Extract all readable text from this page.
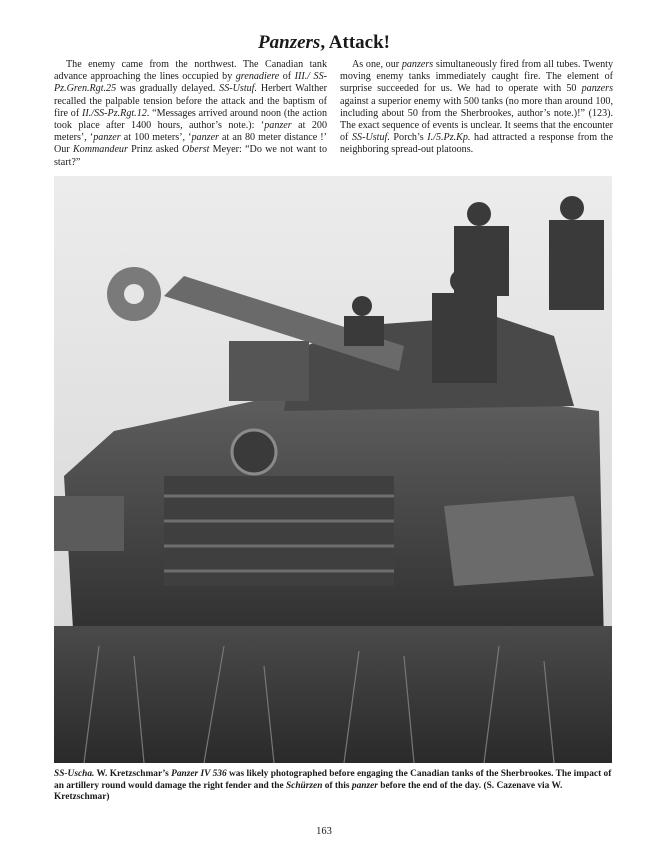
Panzers, Attack!

The enemy came from the northwest. The Canadian tank advance approaching the lines occupied by grenadiere of III./ SS-Pz.Gren.Rgt.25 was gradually delayed. SS-Ustuf. Herbert Walther recalled the palpable tension before the attack and the baptism of fire of II./SS-Pz.Rgt.12. “Messages arrived around noon (the action took place after 1400 hours, author’s note.): ‘panzer at 200 meters’, ‘panzer at 100 meters’, ‘panzer at an 80 meter distance !’ Our Kommandeur Prinz asked Oberst Meyer: “Do we not want to start?”

As one, our panzers simultaneously fired from all tubes. Twenty moving enemy tanks immediately caught fire. The element of surprise succeeded for us. We had to operate with 50 panzers against a superior enemy with 500 tanks (no more than around 100, including about 50 from the Sherbrookes, author’s note.)!” (123). The exact sequence of events is unclear. It seems that the encounter of SS-Ustuf. Porch’s I./5.Pz.Kp. had attracted a response from the neighboring spread-out platoons.

SS-Uscha. W. Kretzschmar’s Panzer IV 536 was likely photographed before engaging the Canadian tanks of the Sherbrookes. The impact of an artillery round would damage the right fender and the Schürzen of this panzer before the end of the day. (S. Cazenave via W. Kretzschmar)
163
